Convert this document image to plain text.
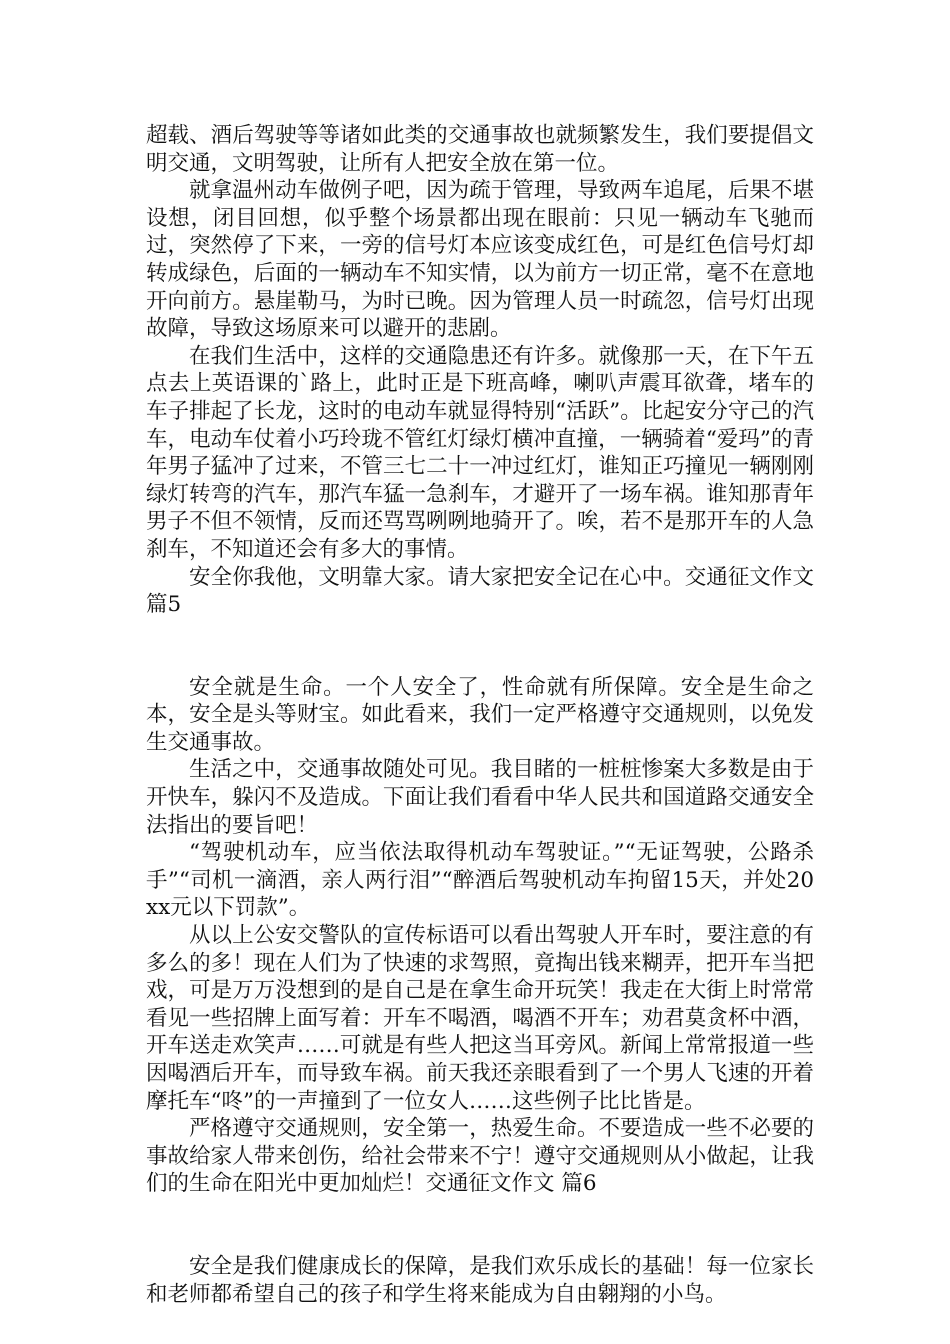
超载、酒后驾驶等等诸如此类的交通事故也就频繁发生，我们要提倡文明交通，文明驾驶，让所有人把安全放在第一位。

就拿温州动车做例子吧，因为疏于管理，导致两车追尾，后果不堪设想，闭目回想，似乎整个场景都出现在眼前：只见一辆动车飞驰而过，突然停了下来，一旁的信号灯本应该变成红色，可是红色信号灯却转成绿色，后面的一辆动车不知实情，以为前方一切正常，毫不在意地开向前方。悬崖勒马，为时已晚。因为管理人员一时疏忽，信号灯出现故障，导致这场原来可以避开的悲剧。

在我们生活中，这样的交通隐患还有许多。就像那一天，在下午五点去上英语课的`路上，此时正是下班高峰，喇叭声震耳欲聋，堵车的车子排起了长龙，这时的电动车就显得特别“活跃”。比起安分守己的汽车，电动车仗着小巧玲珑不管红灯绿灯横冲直撞，一辆骑着“爱玛”的青年男子猛冲了过来，不管三七二十一冲过红灯，谁知正巧撞见一辆刚刚绿灯转弯的汽车，那汽车猛一急刹车，才避开了一场车祸。谁知那青年男子不但不领情，反而还骂骂咧咧地骑开了。唉，若不是那开车的人急刹车，不知道还会有多大的事情。

安全你我他，文明靠大家。请大家把安全记在心中。交通征文作文 篇5

安全就是生命。一个人安全了，性命就有所保障。安全是生命之本，安全是头等财宝。如此看来，我们一定严格遵守交通规则，以免发生交通事故。

生活之中，交通事故随处可见。我目睹的一桩桩惨案大多数是由于开快车，躲闪不及造成。下面让我们看看中华人民共和国道路交通安全法指出的要旨吧！

“驾驶机动车，应当依法取得机动车驾驶证。”“无证驾驶，公路杀手”“司机一滴酒，亲人两行泪”“醉酒后驾驶机动车拘留15天，并处20xx元以下罚款”。

从以上公安交警队的宣传标语可以看出驾驶人开车时，要注意的有多么的多！现在人们为了快速的求驾照，竟掏出钱来糊弄，把开车当把戏，可是万万没想到的是自己是在拿生命开玩笑！我走在大街上时常常看见一些招牌上面写着：开车不喝酒，喝酒不开车；劝君莫贪杯中酒，开车送走欢笑声……可就是有些人把这当耳旁风。新闻上常常报道一些因喝酒后开车，而导致车祸。前天我还亲眼看到了一个男人飞速的开着摩托车“咚”的一声撞到了一位女人……这些例子比比皆是。

严格遵守交通规则，安全第一，热爱生命。不要造成一些不必要的事故给家人带来创伤，给社会带来不宁！遵守交通规则从小做起，让我们的生命在阳光中更加灿烂！交通征文作文 篇6

安全是我们健康成长的保障，是我们欢乐成长的基础！每一位家长和老师都希望自己的孩子和学生将来能成为自由翱翔的小鸟。
